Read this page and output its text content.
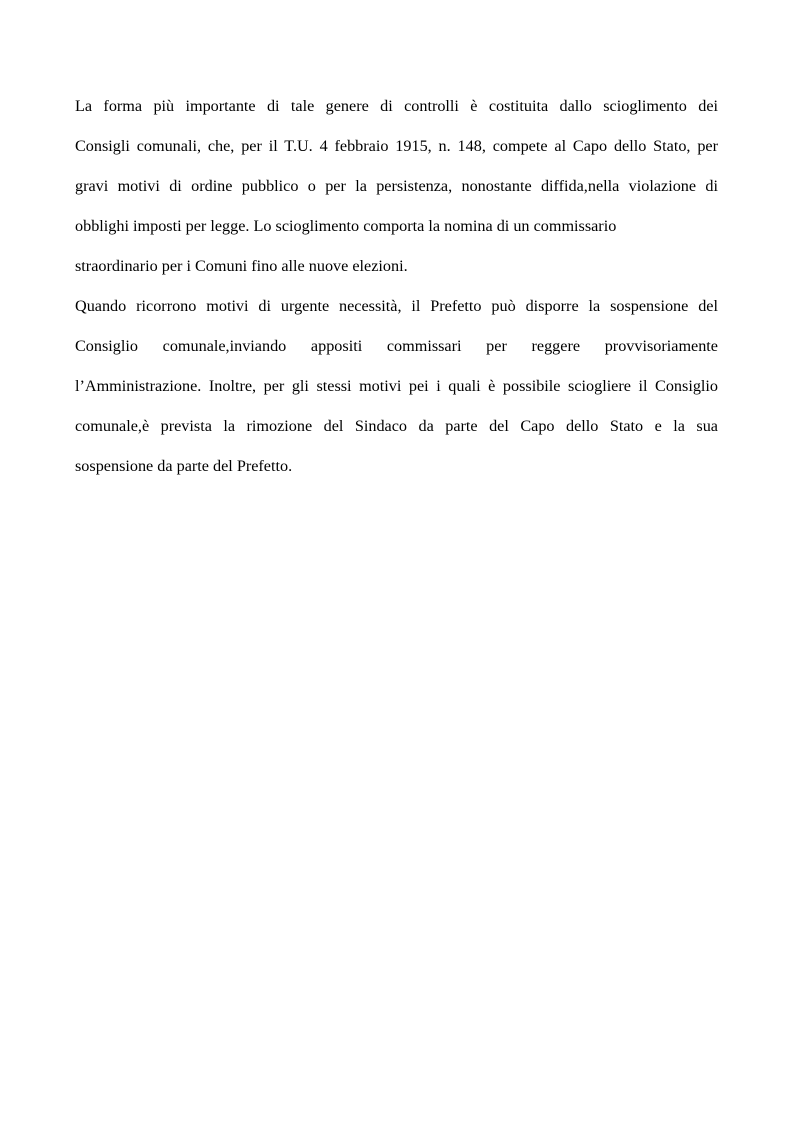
La forma più importante di tale genere di controlli è costituita dallo scioglimento dei
Consigli comunali, che, per il T.U. 4 febbraio 1915, n. 148, compete al Capo dello Stato, per
gravi motivi di ordine pubblico o per la persistenza, nonostante diffida,nella violazione di
obblighi imposti per legge. Lo scioglimento comporta la nomina di un commissario
straordinario per i Comuni fino alle nuove elezioni.

Quando ricorrono motivi di urgente necessità, il Prefetto può disporre la sospensione del
Consiglio comunale,inviando appositi commissari per reggere provvisoriamente
l’Amministrazione. Inoltre, per gli stessi motivi pei i quali è possibile sciogliere il Consiglio
comunale,è prevista la rimozione del Sindaco da parte del Capo dello Stato e la sua
sospensione da parte del Prefetto.
